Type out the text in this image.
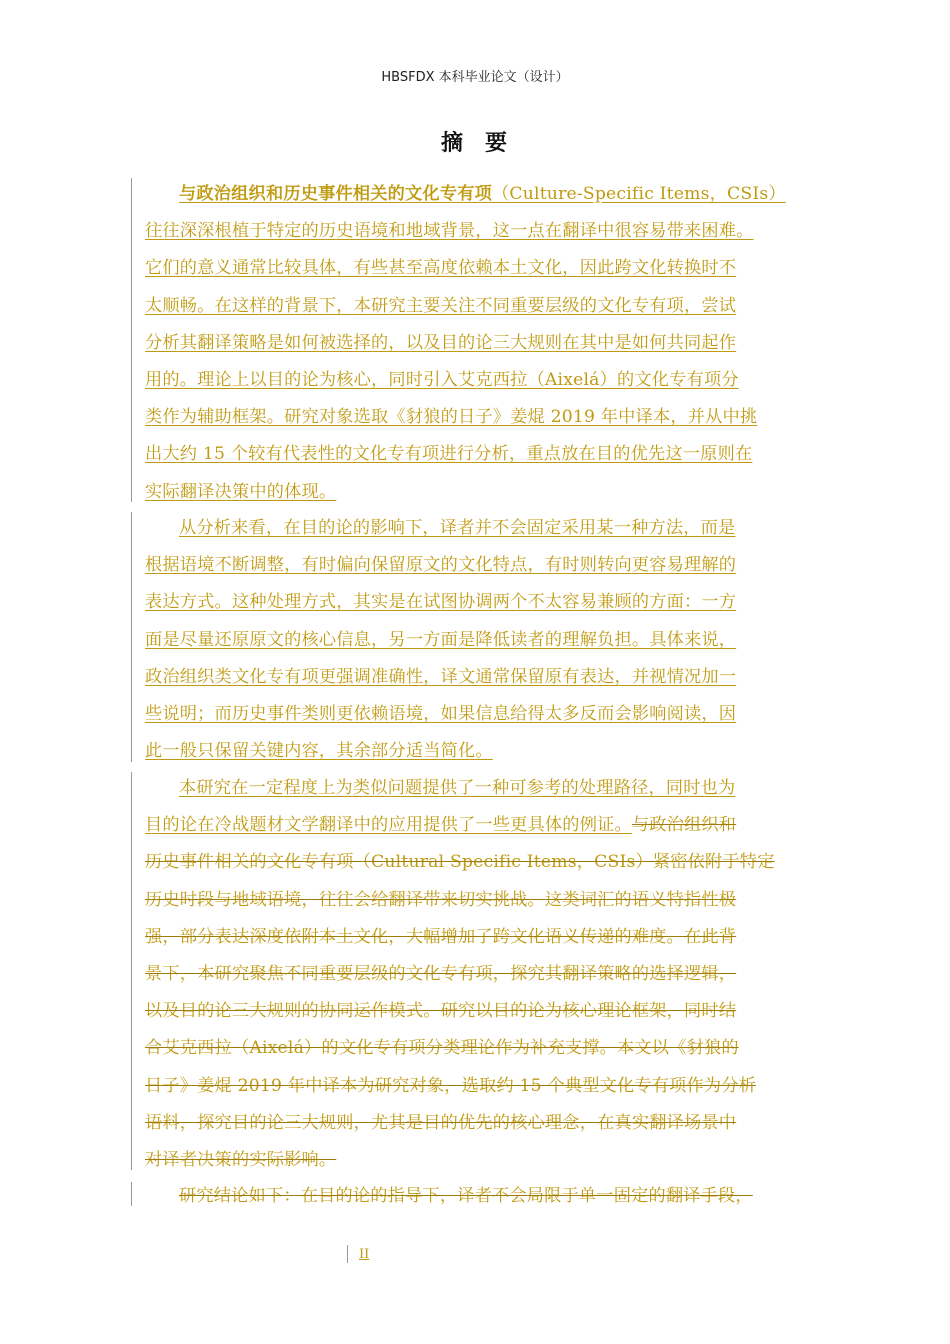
HBSFDX 本科毕业论文（设计）
摘 要
与政治组织和历史事件相关的文化专有项（Culture-Specific Items，CSIs）
往往深深根植于特定的历史语境和地域背景，这一点在翻译中很容易带来困难。
它们的意义通常比较具体，有些甚至高度依赖本土文化，因此跨文化转换时不
太顺畅。在这样的背景下，本研究主要关注不同重要层级的文化专有项，尝试
分析其翻译策略是如何被选择的，以及目的论三大规则在其中是如何共同起作
用的。理论上以目的论为核心，同时引入艾克西拉（Aixelá）的文化专有项分
类作为辅助框架。研究对象选取《豺狼的日子》姜焜 2019 年中译本，并从中挑
出大约 15 个较有代表性的文化专有项进行分析，重点放在目的优先这一原则在
实际翻译决策中的体现。
从分析来看，在目的论的影响下，译者并不会固定采用某一种方法，而是
根据语境不断调整，有时偏向保留原文的文化特点，有时则转向更容易理解的
表达方式。这种处理方式，其实是在试图协调两个不太容易兼顾的方面：一方
面是尽量还原原文的核心信息，另一方面是降低读者的理解负担。具体来说，
政治组织类文化专有项更强调准确性，译文通常保留原有表达，并视情况加一
些说明；而历史事件类则更依赖语境，如果信息给得太多反而会影响阅读，因
此一般只保留关键内容，其余部分适当简化。
本研究在一定程度上为类似问题提供了一种可参考的处理路径，同时也为
目的论在冷战题材文学翻译中的应用提供了一些更具体的例证。与政治组织和
历史事件相关的文化专有项（Cultural Specific Items，CSIs）紧密依附于特定
历史时段与地域语境，往往会给翻译带来切实挑战。这类词汇的语义特指性极
强，部分表达深度依附本土文化，大幅增加了跨文化语义传递的难度。在此背
景下，本研究聚焦不同重要层级的文化专有项，探究其翻译策略的选择逻辑，
以及目的论三大规则的协同运作模式。研究以目的论为核心理论框架，同时结
合艾克西拉（Aixelá）的文化专有项分类理论作为补充支撑。本文以《豺狼的
日子》姜焜 2019 年中译本为研究对象，选取约 15 个典型文化专有项作为分析
语料，探究目的论三大规则，尤其是目的优先的核心理念，在真实翻译场景中
对译者决策的实际影响。
研究结论如下：在目的论的指导下，译者不会局限于单一固定的翻译手段，
II
